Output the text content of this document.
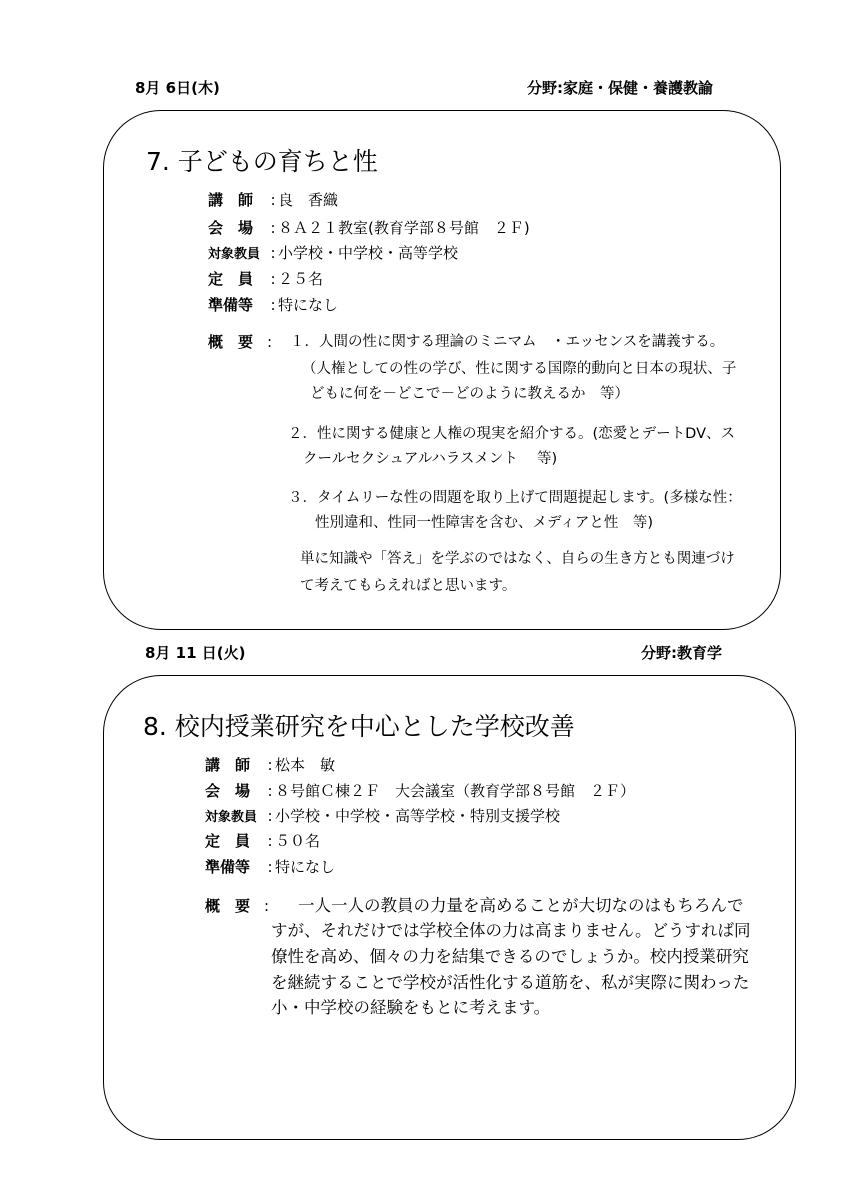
8月 6日(木)	分野:家庭・保健・養護教諭
7. 子どもの育ちと性
講　師 : 良　香織
会　場 : ８Ａ２１教室(教育学部８号館　２Ｆ)
対象教員 : 小学校・中学校・高等学校
定　員 : ２５名
準備等 : 特になし
概　要 : １．人間の性に関する理論のミニマム　・エッセンスを講義する。
（人権としての性の学び、性に関する国際的動向と日本の現状、子
どもに何を－どこで－どのように教えるか　等）
２．性に関する健康と人権の現実を紹介する。(恋愛とデートDV、ス
クールセクシュアルハラスメント　 等)
３．タイムリーな性の問題を取り上げて問題提起します。(多様な性：
性別違和、性同一性障害を含む、メディアと性　等)
単に知識や「答え」を学ぶのではなく、自らの生き方とも関連づけ
て考えてもらえればと思います。
8月 11 日(火)	分野:教育学
8. 校内授業研究を中心とした学校改善
講　師 : 松本　敏
会　場 : ８号館Ｃ棟２Ｆ　大会議室（教育学部８号館　２Ｆ）
対象教員 : 小学校・中学校・高等学校・特別支援学校
定　員 : ５０名
準備等 : 特になし
概　要 : 一人一人の教員の力量を高めることが大切なのはもちろんで
すが、それだけでは学校全体の力は高まりません。どうすれば同
僚性を高め、個々の力を結集できるのでしょうか。校内授業研究
を継続することで学校が活性化する道筋を、私が実際に関わった
小・中学校の経験をもとに考えます。
